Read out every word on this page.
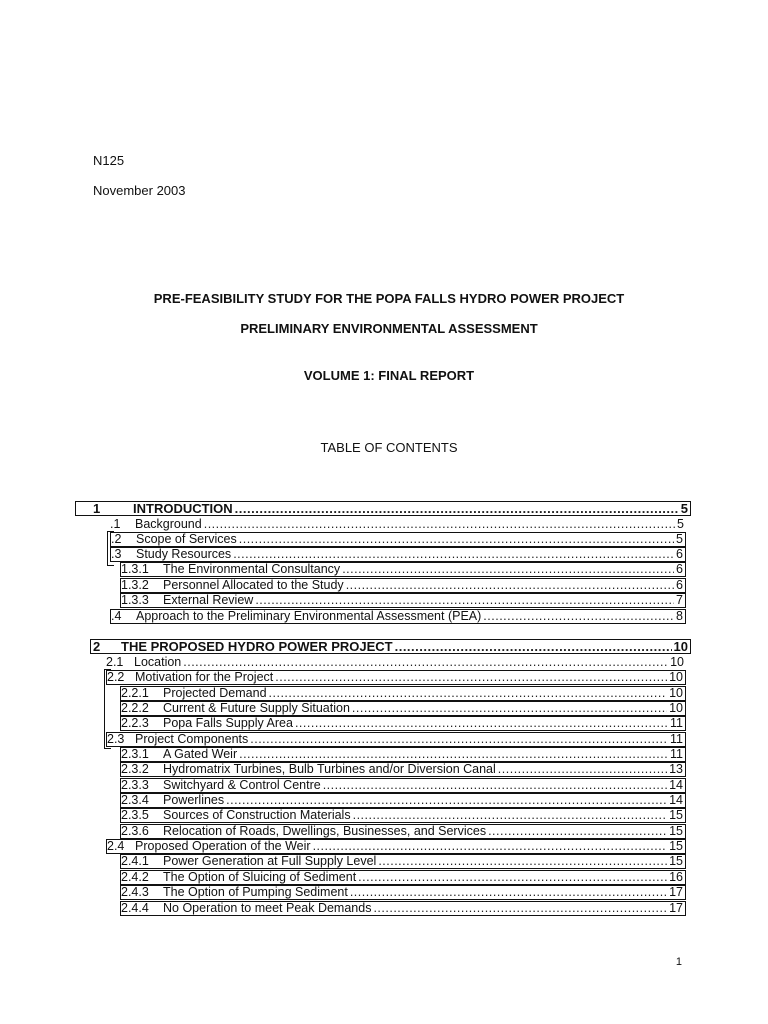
N125
November 2003
PRE-FEASIBILITY STUDY FOR THE POPA FALLS HYDRO POWER PROJECT
PRELIMINARY ENVIRONMENTAL ASSESSMENT
VOLUME 1: FINAL REPORT
TABLE OF CONTENTS
1	INTRODUCTION .....	5
.1	Background .....	5
.2	Scope of Services .....	5
.3	Study Resources .....	6
1.3.1	The Environmental Consultancy .....	6
1.3.2	Personnel Allocated to the Study .....	6
1.3.3	External Review .....	7
.4	Approach to the Preliminary Environmental Assessment (PEA) .....	8
2	THE PROPOSED HYDRO POWER PROJECT .....	10
2.1 Location .....	10
2.2 Motivation for the Project .....	10
2.2.1	Projected Demand .....	10
2.2.2	Current & Future Supply Situation .....	10
2.2.3	Popa Falls Supply Area .....	11
2.3 Project Components .....	11
2.3.1	A Gated Weir .....	11
2.3.2	Hydromatrix Turbines, Bulb Turbines and/or Diversion Canal .....	13
2.3.3	Switchyard & Control Centre .....	14
2.3.4	Powerlines .....	14
2.3.5	Sources of Construction Materials .....	15
2.3.6	Relocation of Roads, Dwellings, Businesses, and Services .....	15
2.4 Proposed Operation of the Weir .....	15
2.4.1	Power Generation at Full Supply Level .....	15
2.4.2	The Option of Sluicing of Sediment .....	16
2.4.3	The Option of Pumping Sediment .....	17
2.4.4	No Operation to meet Peak Demands .....	17
1
